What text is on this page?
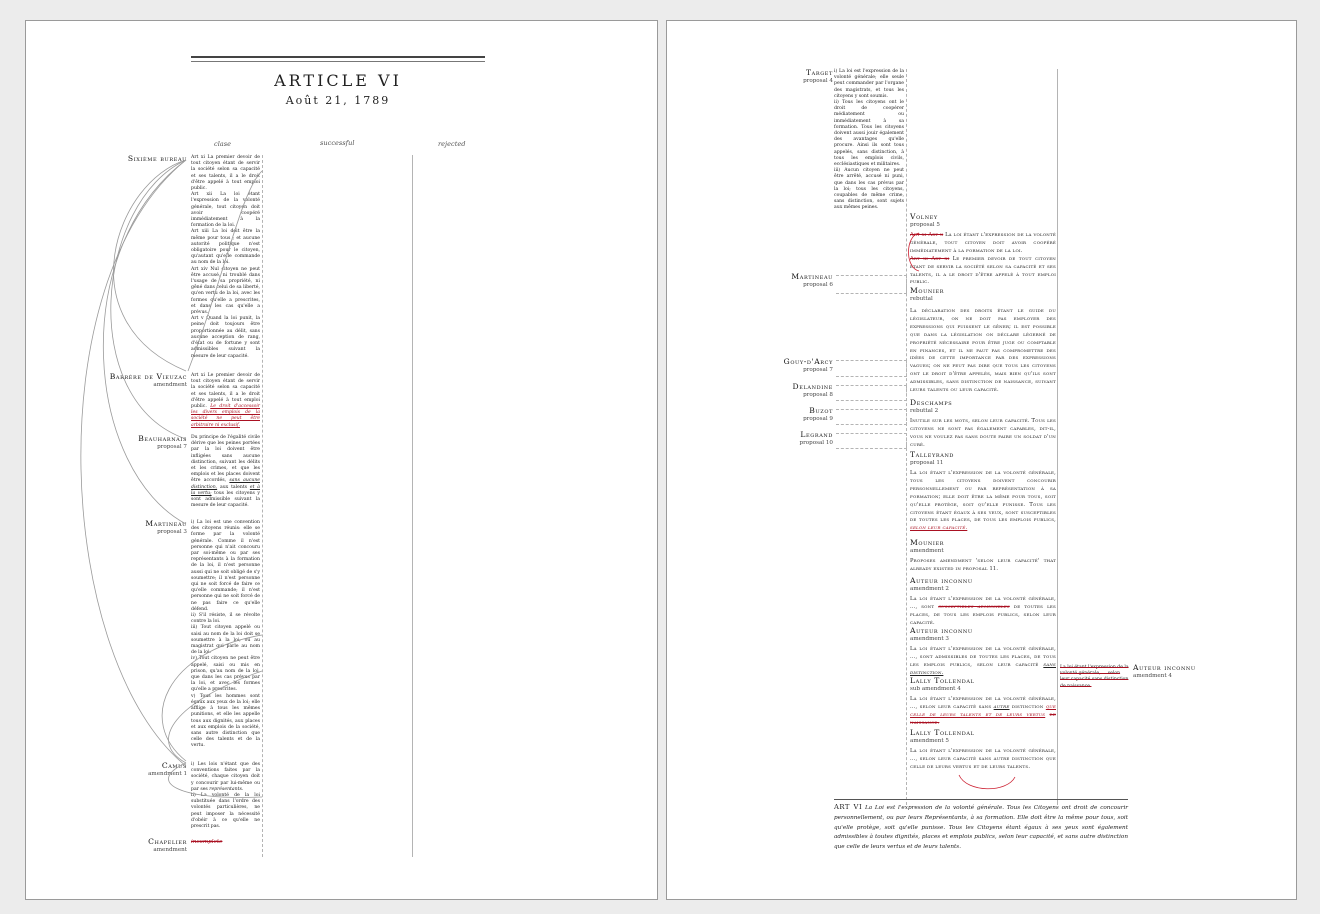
ARTICLE VI
Août 21, 1789
clase	successful	rejected
Sixième bureau Art xi La premier devoir de tout citoyen étant de servir la société selon sa capacité et ses talents, il a le droit d'être appelé à tout emploi public.
Art xii La loi étant l'expression de la volonté générale, tout citoyen doit avoir coopéré immédiatement à la formation de la loi.
Art xiii La loi doit être la même pour tous ; et aucune autorité politique n'est obligatoire pour le citoyen, qu'autant qu'elle commande au nom de la loi.
Art xiv Nul citoyen ne peut être accusé, ni troublé dans l'usage de sa propriété, ni gêné dans celui de sa liberté, qu'en vertu de la loi, avec les formes qu'elle a prescrites, et dans les cas qu'elle a prévus.
Art v Quand la loi punit, la peine doit toujours être proportionnée au délit, sans aucune acception de rang, d'état ou de fortune y sont admissibles suivant la mesure de leur capacité.
Barrère de Vieuzac
amendment
Art xi Le premier devoir de tout citoyen étant de servir la société selon sa capacité et ses talents, il a le droit d'être appelé à tout emploi public. Le droit d'accessoir les divers emplois de la société ne peut être arbitraire ni exclusif.
Beauharnais
proposal 7
Du principe de l'égalité civile dérive que les peines portées par la loi doivent être infligées sans aucune distinction, suivant les délits et les crimes, et que les emplois et les places doivent être accordés, sans aucune distinction, aux talents et à la vertu; tous les citoyens y sont admissible suivant la mesure de leur capacité.
Martineau
proposal 3
i) La loi est une convention des citoyens réunis: elle se forme par la volonté générale. Comme il n'est personne qui n'ait concouru par soi-même ou par ses représentants à la formation de la loi, il n'est personne aussi qui ne soit obligé de s'y soumettre; il n'est personne qui ne soit forcé de faire ce qu'elle commande; il n'est personne qui ne soit forcé de ne pas faire ce qu'elle défend.
ii) S'il résiste, il se révolte contre la loi.
iii) Tout citoyen appelé ou saisi au nom de la loi doit se soumettre à la loi, ou au magistrat qui parle au nom de la loi.
iv) Tout citoyen ne peut être appelé, saisi ou mis en prison, qu'au nom de la loi, que dans les cas prévus par la loi, et avec les formes qu'elle a prescrites.
v) Tous les hommes sont égaux aux yeux de la loi; elle afflige à tous les mêmes punitions, et elle les appelle tous aux dignités, aux places et aux emplois de la société, sans autre distinction que celle des talents et de la vertu.
Camus
amendment 1
i) Les lois n'étant que des conventions faites par la société, chaque citoyen doit y concourir par lui-même ou par ses représentants.
ii) La volonté de la loi substituée dans l'ordre des volontés particulières, ne peut imposer la nécessité d'obéir à ce qu'elle ne prescrit pas.
Chapelier
amendment
incomplete
Target
proposal 4
i) La loi est l'expression de la volonté générale; elle seule peut commander par l'organe des magistrats, et tous les citoyens y sont soumis.
ii) Tous les citoyens ont le droit de coopérer médiatement ou immédiatement à sa formation. Tous les citoyens doivent aussi jouir également des avantages qu'elle procure. Ainsi ils sont tous appelés, sans distinction, à tous les emplois civils, ecclésiastiques et militaires.
iii) Aucun citoyen ne peut être arrêté, accusé ni puni, que dans les cas prévus par la loi; tous les citoyens, coupables de même crime, sans distinction, sont sujets aux mêmes peines.
Volney
proposal 5
Art xi Art x La loi étant l'expression de la volonté générale, tout citoyen doit avoir coopéré immédiatement à la formation de la loi.
Art xi Art xi Le premier devoir de tout citoyen étant de servir la société selon sa capacité et ses talents, il a le droit d'être appelé à tout emploi public.
Mounier
rebuttal
La déclaration des droits étant le guide du législateur, on ne doit pas employer des expressions qui puissent le gêner; il est possible que dans la législation on déclare légerné de propriété nécessaire pour être juge ou comptable en finances, et il ne faut pas compromettre des idées de cette importance par des expressions vagues; on ne peut pas dire que tous les citoyens ont le droit d'être appelés, mais bien qu'ils sont admissibles, sans distinction de naissance, suivant leurs talents ou leur capacité.
Deschamps
rebuttal 2
Inutile sur les mots, selon leur capacité. Tous les citoyens ne sont pas également capables, dit-il, vous ne voulez pas sans doute faire un soldat d'un curé.
Talleyrand
proposal 11
La loi étant l'expression de la volonté générale, tous les citoyens doivent concourir personnellement ou par représentation à sa formation; elle doit être la même pour tous, soit qu'elle protège, soit qu'elle punisse. Tous les citoyens étant égaux à ses yeux, sont susceptibles de toutes les places, de tous les emplois publics, selon leur capacité.
Mounier
amendment
Proposes amendment 'selon leur capacité' that already existed in proposal 11.
Auteur inconnu
amendment 2
La loi étant l'expression de la volonté générale, ..., sont susceptibles admissibles de toutes les places, de tous les emplois publics, selon leur capacité.
Auteur inconnu
amendment 3
La loi étant l'expression de la volonté générale, ..., sont admissibles de toutes les places, de tous les emplois publics, selon leur capacité sans distinction.
Lally Tollendal
sub amendment 4
La loi étant l'expression de la volonté générale, ..., selon leur capacité sans autre distinction que celle de leurs talents et de leurs vertus de naissance.
Lally Tollendal
amendment 5
La loi étant l'expression de la volonté générale, ..., selon leur capacité sans autre distinction que celle de leurs vertus et de leurs talents.
Martineau
proposal 6
Gouy-d'Arcy
proposal 7
Delandine
proposal 8
Buzot
proposal 9
Legrand
proposal 10
La loi étant l'expression de la volonté générale, ... selon leur capacité sans distinction de naissance.
Auteur inconnu
amendment 4
ART VI La Loi est l'expression de la volonté générale. Tous les Citoyens ont droit de concourir personnellement, ou par leurs Représentants, à sa formation. Elle doit être la même pour tous, soit qu'elle protège, soit qu'elle punisse. Tous les Citoyens étant égaux à ses yeux sont également admissibles à toutes dignités, places et emplois publics, selon leur capacité, et sans autre distinction que celle de leurs vertus et de leurs talents.
